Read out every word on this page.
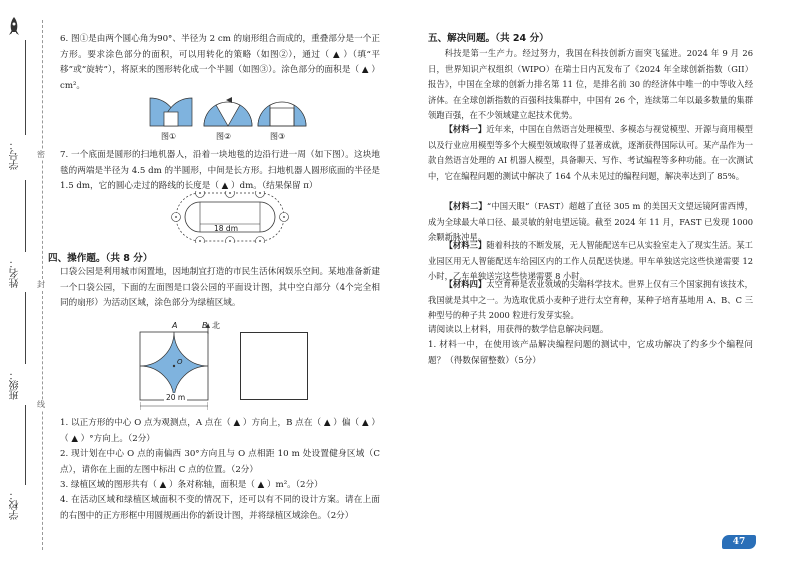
学号：
姓名：
班级：
学校：
密
封
线

6. 图①是由两个圆心角为90°、半径为 2 cm 的扇形组合而成的，重叠部分是一个正方形。要求涂色部分的面积，可以用转化的策略（如图②），通过（ ▲ ）（填“平移”或“旋转”），将原来的图形转化成一个半圆（如图③）。涂色部分的面积是（ ▲ ）cm²。

图①	图②	图③

7. 一个底面是圆形的扫地机器人，沿着一块地毯的边沿行进一周（如下图）。这块地毯的两端是半径为 4.5 dm 的半圆形，中间是长方形。扫地机器人圆形底面的半径是 1.5 dm，它的圆心走过的路线的长度是（ ▲ ）dm。（结果保留 π）

18 dm
四、操作题。（共 8 分）

口袋公园是利用城市闲置地，因地制宜打造的市民生活休闲娱乐空间。某地准备新建一个口袋公园，下面的左面图是口袋公园的平面设计图，其中空白部分（4个完全相同的扇形）为活动区域，涂色部分为绿植区域。

A	B 北
O
20 m

1. 以正方形的中心 O 点为观测点，A 点在（ ▲ ）方向上，B 点在（ ▲ ）偏（ ▲ ）（ ▲ ）°方向上。（2分）

2. 现计划在中心 O 点的南偏西 30°方向且与 O 点相距 10 m 处设置健身区域（C 点），请你在上面的左图中标出 C 点的位置。（2分）

3. 绿植区域的图形共有（ ▲ ）条对称轴，面积是（ ▲ ）m²。（2分）

4. 在活动区域和绿植区域面积不变的情况下，还可以有不同的设计方案。请在上面的右图中的正方形框中用圆规画出你的新设计图，并将绿植区域涂色。（2分）

五、解决问题。（共 24 分）

科技是第一生产力。经过努力，我国在科技创新方面突飞猛进。2024 年 9 月 26 日，世界知识产权组织（WIPO）在瑞士日内瓦发布了《2024 年全球创新指数（GII）报告》，中国在全球的创新力排名第 11 位，是排名前 30 的经济体中唯一的中等收入经济体。在全球创新指数的百强科技集群中，中国有 26 个，连续第二年以最多数量的集群领跑百强，在不少领域建立起技术优势。

【材料一】近年来，中国在自然语言处理模型、多模态与视觉模型、开源与商用模型以及行业应用模型等多个大模型领域取得了显著成就，逐渐获得国际认可。某产品作为一款自然语言处理的 AI 机器人模型，具备聊天、写作、考试编程等多种功能。在一次测试中，它在编程问题的测试中解决了 164 个从未见过的编程问题，解决率达到了 85%。

【材料二】“中国天眼”（FAST）超越了直径 305 m 的美国天文望远镜阿雷西博，成为全球最大单口径、最灵敏的射电望远镜。截至 2024 年 11 月，FAST 已发现 1000 余颗新脉冲星。

【材料三】随着科技的不断发展，无人智能配送车已从实验室走入了现实生活。某工业园区用无人智能配送车给园区内的工作人员配送快递。甲车单独送完这些快递需要 12 小时，乙车单独送完这些快递需要 8 小时。

【材料四】太空育种是农业领域的尖端科学技术。世界上仅有三个国家拥有该技术，我国就是其中之一。为选取优质小麦种子进行太空育种，某种子培育基地用 A、B、C 三种型号的种子共 2000 粒进行发芽实验。

请阅读以上材料，用获得的数学信息解决问题。

1. 材料一中，在使用该产品解决编程问题的测试中，它成功解决了约多少个编程问题？（得数保留整数）（5分）

47
